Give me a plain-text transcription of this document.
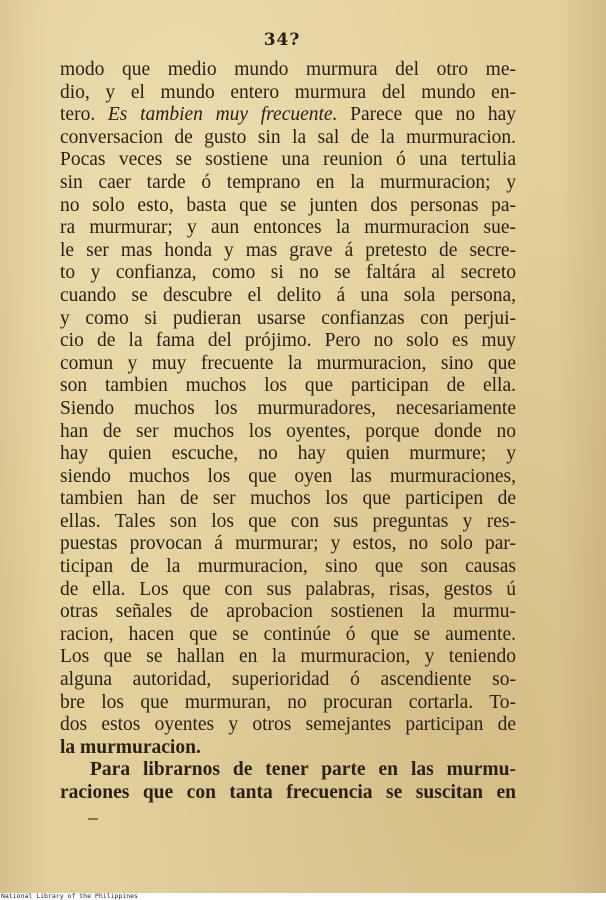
34?
modo que medio mundo murmura del otro me-
dio, y el mundo entero murmura del mundo en-
tero. Es tambien muy frecuente. Parece que no hay
conversacion de gusto sin la sal de la murmuracion.
Pocas veces se sostiene una reunion ó una tertulia
sin caer tarde ó temprano en la murmuracion; y
no solo esto, basta que se junten dos personas pa-
ra murmurar; y aun entonces la murmuracion sue-
le ser mas honda y mas grave á pretesto de secre-
to y confianza, como si no se faltára al secreto
cuando se descubre el delito á una sola persona,
y como si pudieran usarse confianzas con perjui-
cio de la fama del prójimo. Pero no solo es muy
comun y muy frecuente la murmuracion, sino que
son tambien muchos los que participan de ella.
Siendo muchos los murmuradores, necesariamente
han de ser muchos los oyentes, porque donde no
hay quien escuche, no hay quien murmure; y
siendo muchos los que oyen las murmuraciones,
tambien han de ser muchos los que participen de
ellas. Tales son los que con sus preguntas y res-
puestas provocan á murmurar; y estos, no solo par-
ticipan de la murmuracion, sino que son causas
de ella. Los que con sus palabras, risas, gestos ú
otras señales de aprobacion sostienen la murmu-
racion, hacen que se continúe ó que se aumente.
Los que se hallan en la murmuracion, y teniendo
alguna autoridad, superioridad ó ascendiente so-
bre los que murmuran, no procuran cortarla. To-
dos estos oyentes y otros semejantes participan de
la murmuracion.
Para librarnos de tener parte en las murmu-
raciones que con tanta frecuencia se suscitan en
National Library of the Philippines
